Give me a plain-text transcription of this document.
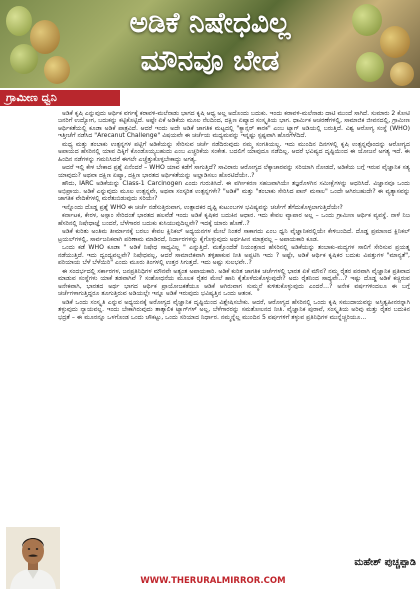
ಅಡಿಕೆ ನಿಷೇಧವಿಲ್ಲ
ಮೌನವೂ ಬೇಡ
ಗ್ರಾಮೀಣ ಧ್ವನಿ

ಅಡಿಕೆ ಕೃಷಿ ಎನ್ನುವುದು ಆರ್ಥಿಕ ವರ್ಗಕ್ಕೆ ಕರಾವಳಿ-ಮಲೆನಾಡು ಭಾಗದ ಕೃಷಿ ಆಧ್ಯ ಅಲ್ಲ ಅದೊಂದು ಬದುಕು. ಇಂದು ಕರಾವಳಿ-ಮಲೆನಾಡು ದಾಟಿ ಮುಂದೆ ಸಾಗಿದೆ. ಸುಮಾರು 2 ಕೋಟಿ ಜನರಿಗೆ ಉದ್ಯೋಗ, ಬದುಕನ್ನು ಕಟ್ಟಿಕೊಟ್ಟಿದೆ. ಅಷ್ಟೇ ಏಕೆ ಅಡಿಕೆಯ ಮೂಲ ನೆಲದಿಂದ, ದಕ್ಷಿಣ ಏಷ್ಯಾದ ಸಂಸ್ಕೃತಿಯ ಭಾಗ. ಧಾರ್ಮಿಕ ಆಚರಣೆಗಳಲ್ಲಿ, ಸಾಮಾಜಿಕ ಜೀವನದಲ್ಲಿ, ಗ್ರಾಮೀಣ ಆರ್ಥಿಕತೆಯಲ್ಲಿ ಕೂಡಾ ಅಡಿಕೆ ಪಾತ್ರವಿದೆ. ಆದರೆ ಇಂದು ಅದೇ ಅಡಿಕೆ ಜಾಗತಿಕ ಮಟ್ಟದಲ್ಲಿ "ಕ್ಯಾನ್ಸರ್ ಕಾರಕ" ಎಂಬ ಟ್ಯಾಗ್ ಅಡಿಯಲ್ಲಿ ಬರುತ್ತಿದೆ. ವಿಶ್ವ ಆರೋಗ್ಯ ಸಂಸ್ಥೆ (WHO) ಇತ್ತೀಚೆಗೆ ನಡೆಸಿದ "Arecanut Challenge" ವಿಷಯವೇ ಈ ಚರ್ಚೆಯ ಮಧ್ಯಮವನ್ನು ಇನ್ನಷ್ಟು ಸ್ಪಷ್ಟವಾಗಿ ಹೊರಗೆಳೆದಿದೆ.

ಮಧ್ಯ ಮತ್ತು ತಂಬಾಕು ಉತ್ಪನ್ನಗಳ ಪಟ್ಟಿಗೆ ಅಡಿಕೆಯನ್ನು ಸೇರಿಸುವ ಚರ್ಚೆ ನಡೆದಿರುವುದು ನಮ್ಮ ಸಂಗತಿಯಲ್ಲ. ಇದು ಮುಂದಿನ ದಿನಗಳಲ್ಲಿ ಕೃಷಿ ಉತ್ಪನ್ನವೊಂದನ್ನು ಆರೋಗ್ಯದ ಅಪಾಯದ ಹೆಸರಿನಲ್ಲಿ ಯಾವ ದಿಕ್ಕಿಗೆ ಕೊಂಡೊಯ್ಯಬಹುದು ಎಂಬ ಎಚ್ಚರಿಕೆಯ ಸಂಕೇತ. ಬದಲಿಗೆ ಯಾವುದೂ ನಡೆದಿಲ್ಲ. ಆದರೆ ಭವಿಷ್ಯದ ದೃಷ್ಟಿಯಿಂದ ಈ ಯೋಜನೆ ಅಗತ್ಯ ಇದೆ. ಈ ಹಿಂದಿನ ನಡೆಗಳನ್ನು ಗಮನಿಸಿದರೆ ಈಗಲೇ ಎಚ್ಚೆತ್ತುಕೊಳ್ಳಬೇಕಾದ್ದು ಅಗತ್ಯ.

ಆದರೆ ಇಲ್ಲಿ ಕೇಳ ಬೇಕಾದ ಪ್ರಶ್ನೆ ಏನೆಂದರೆ – WHO ಯಾವ ಕಡೆಗೆ ಸಾಗುತ್ತಿದೆ? ಸಾವಿರಾರು ಆರೋಗ್ಯದ ಲೆಕ್ಕಾಚಾರವನ್ನು ಸರಿಯಾಗಿ ನೋಡದೆ, ಅಡಿಕೆಯ ಬಗ್ಗೆ ಇರುವ ವೈಜ್ಞಾನಿಕ ಸತ್ಯ ಯಾವುದು? ಅಥವಾ ದಕ್ಷಿಣ ಏಷ್ಯಾ, ದಕ್ಷಿಣ ಭಾರತದ ಅರ್ಥಿಕತೆಯನ್ನು ಅಲ್ಲಾಡಿಸಲು ಹೊರಟಿದೆಯೇ..?

ಹೌದು, IARC ಅಡಿಕೆಯನ್ನು Class-1 Carcinogen ಎಂದು ಗುರುತಿಸಿದೆ. ಈ ವರ್ಗೀಕರಣ ಸಹಜವಾಗಿಯೇ ತಜ್ಞರೊಳಗಿನ ಸಮೀಕ್ಷೆಗಳನ್ನು ಆಧರಿಸಿದೆ. ವಿಜ್ಞಾನವೂ ಒಂದು ಅಭಿಪ್ರಾಯ. ಅಡಿಕೆ ಎನ್ನುವುದು ಮೂಲ ಉತ್ಪನ್ನವೇ, ಅಥವಾ ಸಂಸ್ಕರಿತ ಉತ್ಪನ್ನಗಳೇ? "ಅಡಿಕೆ" ಮತ್ತು "ತಂಬಾಕು ಸೇರಿಸಿದ ಪಾನ್ ಮಸಾಲ" ಒಂದೇ ಆಗಿರಬಹುದೇ? ಈ ವ್ಯತ್ಯಾಸವನ್ನು ಜಾಗತಿಕ ವೇದಿಕೆಗಳಲ್ಲಿ ಮರೆತುಬಿಡುವುದು ಸರಿಯೇ?

ಇನ್ನೊಂದು ದೊಡ್ಡ ಪ್ರಶ್ನೆ WHO ಈ ಚರ್ಚೆ ನಡೆಸುತ್ತಿರುವಾಗ, ಉತ್ಪಾದಕರ ದೃಷ್ಟಿ ಕುಟುಂಬಗಳ ಭವಿಷ್ಯವನ್ನು ಚರ್ಚೆಗೆ ತೆಗೆದುಕೊಳ್ಳಲಾಗುತ್ತಿದೆಯೇ?

ಕರ್ನಾಟಕ, ಕೇರಳ, ಅಸ್ಸಾಂ ಸೇರಿದಂತೆ ಭಾರತದ ಹಲವೆಡೆ ಇಂದು ಅಡಿಕೆ ಕೃಷಿಕರ ಬದುಕಿನ ಆಧಾರ. ಇದು ಕೇವಲ ವ್ಯಾಪಾರ ಅಲ್ಲ – ಒಂದು ಗ್ರಾಮೀಣ ಆರ್ಥಿಕ ವ್ಯವಸ್ಥೆ. ನಾಳೆ ನಿಜ ಹೆಸರಿನಲ್ಲಿ ನಿಷೇಧಾಜ್ಞೆ ಬಂದರೆ, ಬೆಳೆಗಾರರ ಬದುಕು ಕುಸಿಯುವುದಿಲ್ಲವೇ? ಇದಕ್ಕೆ ಯಾರು ಹೊಣೆ..?

ಅಡಿಕೆ ಕುರಿತು ಅಂತಿಮ ತೀರ್ಮಾನಕ್ಕೆ ಬರಲು ಕೇವಲ ಕ್ಲಿನಿಕಲ್ ಅಧ್ಯಯನಗಳ ಮೇಲೆ ನಿಂತರೆ ಸಾಕಾಗದು ಎಂಬ ಧ್ವನಿ ವೈಜ್ಞಾನಿಕರಲ್ಲಿಯೇ ಕೇಳಿಬಂದಿದೆ. ದೊಡ್ಡ ಪ್ರಮಾಣದ ಕ್ಲಿನಿಕಲ್ ಟ್ರಯಲ್‌ಗಳಲ್ಲಿ, ಸಾರ್ವಜನಿಕವಾಗಿ ಪರಿಣಾಮ ಮಾಡಿರದೆ, ನಿರ್ದಾರಗಳನ್ನು ಕೈಗೊಳ್ಳುವುದು ಅರ್ಥಹೀನ ಮಾತ್ರವಲ್ಲ – ಅಪಾಯಕಾರಿ ಕೂಡ.

ಒಂದು ಕಡೆ WHO ಕೂಡಾ " ಅಡಿಕೆ ನಿಷೇಧ ಸಾಧ್ಯವಿಲ್ಲ " ಎನ್ನುತ್ತಿದೆ. ಮತ್ತೊಂದೆಡೆ ನಿಯಂತ್ರಣದ ಹೆಸರಿನಲ್ಲಿ ಅಡಿಕೆಯನ್ನು ತಂಬಾಕು-ಮದ್ಯಗಳ ಸಾಲಿಗೆ ಸೇರಿಸುವ ಪ್ರಯತ್ನ ನಡೆಯುತ್ತಿದೆ. ಇದು ದ್ವಂದ್ವವಲ್ಲವೇ? ನಿಷೇಧವಲ್ಲ, ಆದರೆ ಸಾಮಾಜಿಕವಾಗಿ ತಳ್ಳಿಹಾಕುವ ನೀತಿ ಅಪ್ಪಟಿಸಿ ಇದು ? ಅಷ್ಟೇ, ಅಡಿಕೆ ಆರ್ಥಿಕ ಕೃಷಿಕರ ಬದುಕು ವಿಪತ್ತುಗಳ "ಮಾನ್ಯತೆ", ಪರಿಯಾಯ ಬೆಳೆ ಬೆಳೆಯಿರಿ" ಎಂದು ಮೂರು ತಿಂಗಳಲ್ಲಿ ಉತ್ತರ ಸಿಗುತ್ತದೆ. ಇದು ಅಷ್ಟು ಸುಲಭವೇ..?

ಈ ಸಂದರ್ಭದಲ್ಲಿ ಸರ್ಕಾರಗಳ, ಜನಪ್ರತಿನಿಧಿಗಳ ಮೌನವೇ ಅತ್ಯಂತ ಅಪಾಯಕಾರಿ. ಅಡಿಕೆ ಕುರಿತ ಜಾಗತಿಕ ಚರ್ಚೆಗಳಲ್ಲಿ ಭಾರತ ಏಕೆ ಮೌನ? ನಮ್ಮ ರೈತರ ಪರವಾಗಿ ವೈಜ್ಞಾನಿಕ ಪ್ರತಿವಾದ ಮಾಡುವ ಸಂಸ್ಥೆಗಳು ಯಾಕೆ ತಡವಾಗಿವೆ ? ಸಂಶೋಧನೆಯ ಮೂಲಕ ರೈತರ ಮೇಲೆ ಹಾನಿ ಕೈತೊಳೆದುಕೊಳ್ಳುವುದೇ? ಅದು ರೈತನಿಂದ ಸಾಧ್ಯವೇ…? ಇಷ್ಟು ದೊಡ್ಡ ಅಡಿಕೆ ಕಚ್ಚಿರುವ ಅನೇಕವಾಗಿ, ಭಾರತದ ಅರ್ಥ ಭಾಗದ ಆರ್ಥಿಕ ಪ್ರಾಯೋಜಕತೆಯೂ ಆಡಿಕೆ ಆಗಿರುವಾಗ ಸುಮ್ಮನೆ ಕುಳಿತುಕೊಳ್ಳುವುದು ಎಂದರೆ…? ಅನೇಕ ವರ್ಷಗಳಿಂದಲೂ ಈ ಬಗ್ಗೆ ಚರ್ಚೆಗಳಾಗುತ್ತಿದ್ದರೂ ತೂಗುತ್ತಿರುವ ಅಡಿಯಲ್ಲೇ ಇನ್ನೂ ಅಡಿಕೆ ಇರುವುದು ಭವಿಷ್ಯತ್ತಿನ ಒಂದು ಆತಂಕ.

ಅಡಿಕೆ ಒಂದು ಸಂಸ್ಕೃತಿ ಎನ್ನುವ ಅಧ್ಯಯನಕ್ಕೆ ಅರೋಗ್ಯದ ವೈಜ್ಞಾನಿಕ ದೃಷ್ಟಿಯಿಂದ ವಿಶ್ಲೇಷಿಸಬೇಕು. ಆದರೆ, ಆರೋಗ್ಯದ ಹೆಸರಿನಲ್ಲಿ ಒಂದು ಕೃಷಿ ಸಮುದಾಯವನ್ನು ಅಸ್ತಿತ್ವಹೀನರನ್ನಾಗಿ ತಳ್ಳುವುದು ನ್ಯಾಯವಲ್ಲ. ಇಂದು ಬೇಕಾಗಿರುವುದು ತಾತ್ಕಾಲಿಕ ಟ್ಯಾಗ್‌ಗಳ್ ಅಲ್ಲ, ಬೆಳೆಗಾರರನ್ನು ಸಮತೋಲನದ ನೀತಿ. ವೈಜ್ಞಾನಿಕ ಪುರಾವೆ, ಸಂಸ್ಕೃತಿಯ ಅರಿವು ಮತ್ತು ರೈತರ ಬದುಕಿನ ಭದ್ರತೆ – ಈ ಮೂರನ್ನೂ ಒಳಗೊಂಡ ಒಂದು ಚೌಕಟ್ಟು, ಒಂದು ಸರಿಯಾದ ನಿರ್ಧಾರ. ನಮ್ಮನ್ನೆಲ್ಲ ಮುಂದಿನ 5 ವರ್ಷಗಳಿಗೆ ತಳ್ಳುವ ಪ್ರತಿನಿಧಿಗಳ ಮುನ್ನೆಚ್ಚರಿಯೂ...

WWW.THERURALMIRROR.COM
ಮಹೇಶ್ ಪುಚ್ಚಪ್ಪಾಡಿ
